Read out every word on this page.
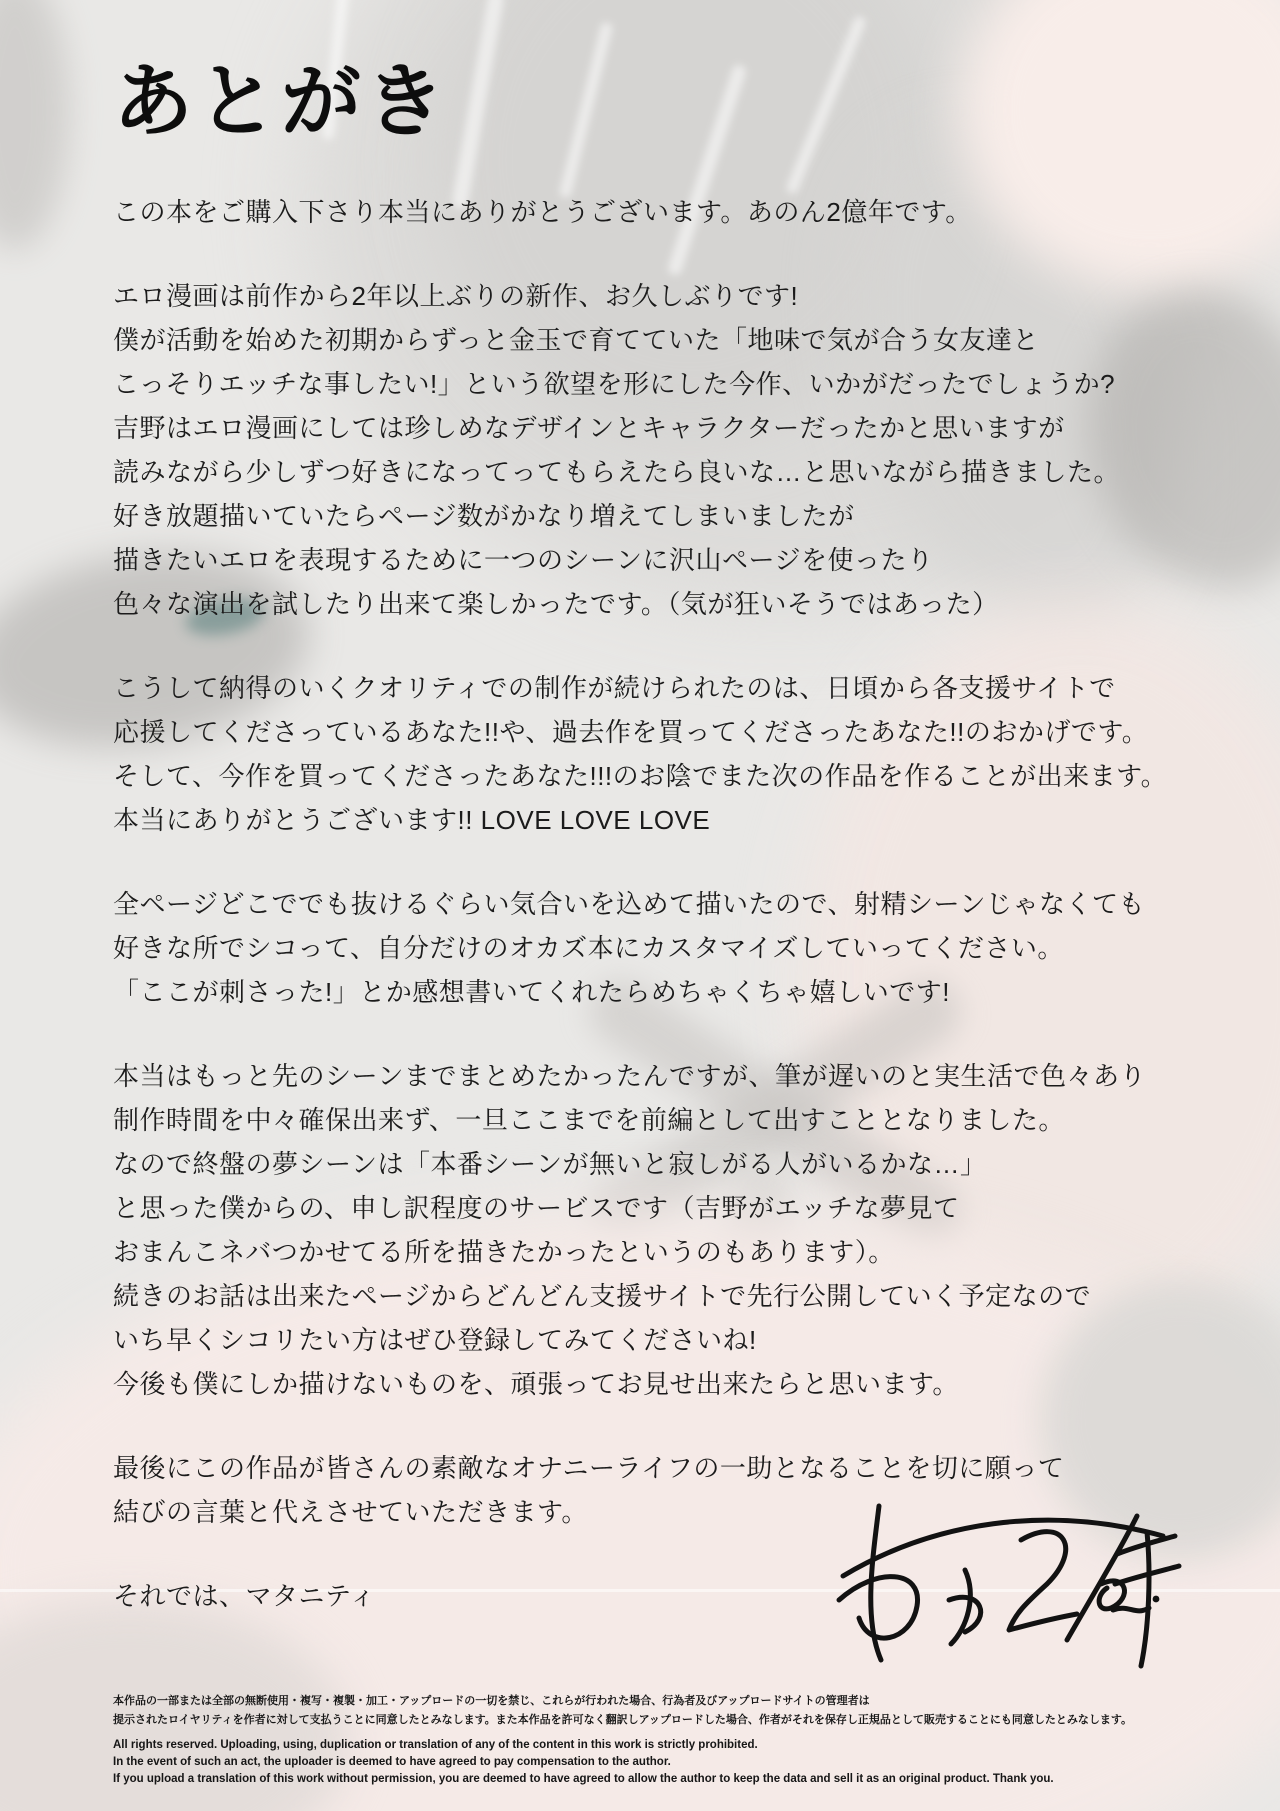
あとがき
この本をご購入下さり本当にありがとうございます。あのん2億年です。
エロ漫画は前作から2年以上ぶりの新作、お久しぶりです!
僕が活動を始めた初期からずっと金玉で育てていた「地味で気が合う女友達と
こっそりエッチな事したい!」という欲望を形にした今作、いかがだったでしょうか?
吉野はエロ漫画にしては珍しめなデザインとキャラクターだったかと思いますが
読みながら少しずつ好きになってってもらえたら良いな…と思いながら描きました。
好き放題描いていたらページ数がかなり増えてしまいましたが
描きたいエロを表現するために一つのシーンに沢山ページを使ったり
色々な演出を試したり出来て楽しかったです。（気が狂いそうではあった）
こうして納得のいくクオリティでの制作が続けられたのは、日頃から各支援サイトで
応援してくださっているあなた!!や、過去作を買ってくださったあなた!!のおかげです。
そして、今作を買ってくださったあなた!!!のお陰でまた次の作品を作ることが出来ます。
本当にありがとうございます!! LOVE LOVE LOVE
全ページどこででも抜けるぐらい気合いを込めて描いたので、射精シーンじゃなくても
好きな所でシコって、自分だけのオカズ本にカスタマイズしていってください。
「ここが刺さった!」とか感想書いてくれたらめちゃくちゃ嬉しいです!
本当はもっと先のシーンまでまとめたかったんですが、筆が遅いのと実生活で色々あり
制作時間を中々確保出来ず、一旦ここまでを前編として出すこととなりました。
なので終盤の夢シーンは「本番シーンが無いと寂しがる人がいるかな…」
と思った僕からの、申し訳程度のサービスです（吉野がエッチな夢見て
おまんこネバつかせてる所を描きたかったというのもあります）。
続きのお話は出来たページからどんどん支援サイトで先行公開していく予定なので
いち早くシコリたい方はぜひ登録してみてくださいね!
今後も僕にしか描けないものを、頑張ってお見せ出来たらと思います。
最後にこの作品が皆さんの素敵なオナニーライフの一助となることを切に願って
結びの言葉と代えさせていただきます。
それでは、マタニティ
本作品の一部または全部の無断使用・複写・複製・加工・アップロードの一切を禁じ、これらが行われた場合、行為者及びアップロードサイトの管理者は
提示されたロイヤリティを作者に対して支払うことに同意したとみなします。また本作品を許可なく翻訳しアップロードした場合、作者がそれを保存し正規品として販売することにも同意したとみなします。
All rights reserved. Uploading, using, duplication or translation of any of the content in this work is strictly prohibited.
In the event of such an act, the uploader is deemed to have agreed to pay compensation to the author.
If you upload a translation of this work without permission, you are deemed to have agreed to allow the author to keep the data and sell it as an original product. Thank you.
